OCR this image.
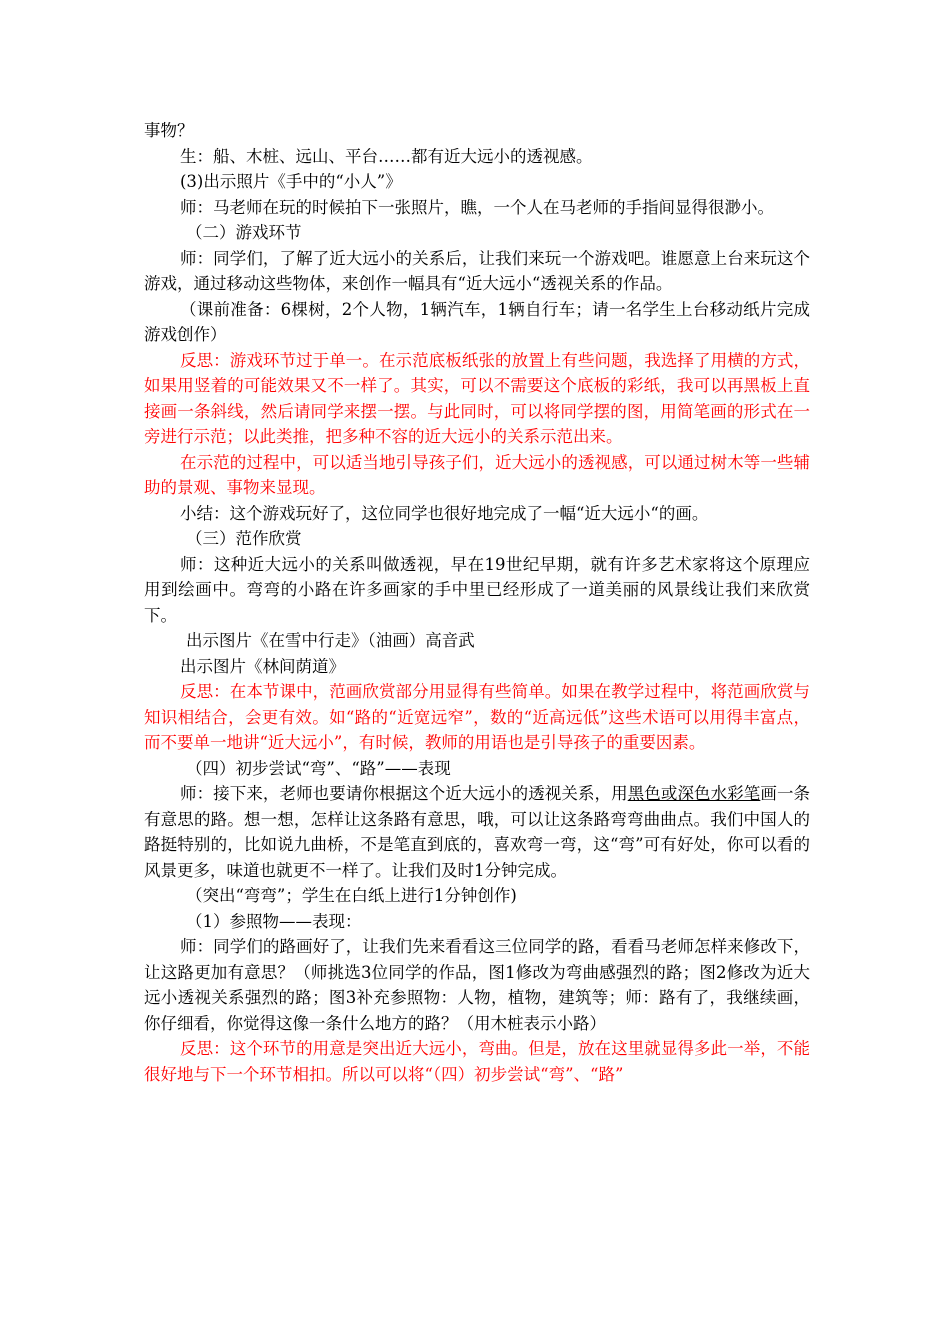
事物？

生：船、木桩、远山、平台……都有近大远小的透视感。

(3)出示照片《手中的“小人”》

师：马老师在玩的时候拍下一张照片，瞧，一个人在马老师的手指间显得很渺小。

（二）游戏环节

师：同学们，了解了近大远小的关系后，让我们来玩一个游戏吧。谁愿意上台来玩这个游戏，通过移动这些物体，来创作一幅具有“近大远小“透视关系的作品。

（课前准备：6棵树，2个人物，1辆汽车，1辆自行车；请一名学生上台移动纸片完成游戏创作）

反思：游戏环节过于单一。在示范底板纸张的放置上有些问题，我选择了用横的方式，如果用竖着的可能效果又不一样了。其实，可以不需要这个底板的彩纸，我可以再黑板上直接画一条斜线，然后请同学来摆一摆。与此同时，可以将同学摆的图，用简笔画的形式在一旁进行示范；以此类推，把多种不容的近大远小的关系示范出来。

在示范的过程中，可以适当地引导孩子们，近大远小的透视感，可以通过树木等一些辅助的景观、事物来显现。

小结：这个游戏玩好了，这位同学也很好地完成了一幅“近大远小“的画。

（三）范作欣赏

师：这种近大远小的关系叫做透视，早在19世纪早期，就有许多艺术家将这个原理应用到绘画中。弯弯的小路在许多画家的手中里已经形成了一道美丽的风景线让我们来欣赏下。

出示图片《在雪中行走》（油画）高音武

出示图片《林间荫道》

反思：在本节课中，范画欣赏部分用显得有些简单。如果在教学过程中，将范画欣赏与知识相结合，会更有效。如“路的“近宽远窄”，数的“近高远低”这些术语可以用得丰富点，而不要单一地讲“近大远小”，有时候，教师的用语也是引导孩子的重要因素。

（四）初步尝试“弯”、“路”——表现

师：接下来，老师也要请你根据这个近大远小的透视关系，用黑色或深色水彩笔画一条有意思的路。想一想，怎样让这条路有意思，哦，可以让这条路弯弯曲曲点。我们中国人的路挺特别的，比如说九曲桥，不是笔直到底的，喜欢弯一弯，这“弯”可有好处，你可以看的风景更多，味道也就更不一样了。让我们及时1分钟完成。

（突出“弯弯”；学生在白纸上进行1分钟创作)

（1）参照物——表现：

师：同学们的路画好了，让我们先来看看这三位同学的路，看看马老师怎样来修改下，让这路更加有意思？（师挑选3位同学的作品，图1修改为弯曲感强烈的路；图2修改为近大远小透视关系强烈的路；图3补充参照物：人物，植物，建筑等；师：路有了，我继续画，你仔细看，你觉得这像一条什么地方的路？（用木桩表示小路）

反思：这个环节的用意是突出近大远小，弯曲。但是，放在这里就显得多此一举，不能很好地与下一个环节相扣。所以可以将“（四）初步尝试“弯”、“路”
